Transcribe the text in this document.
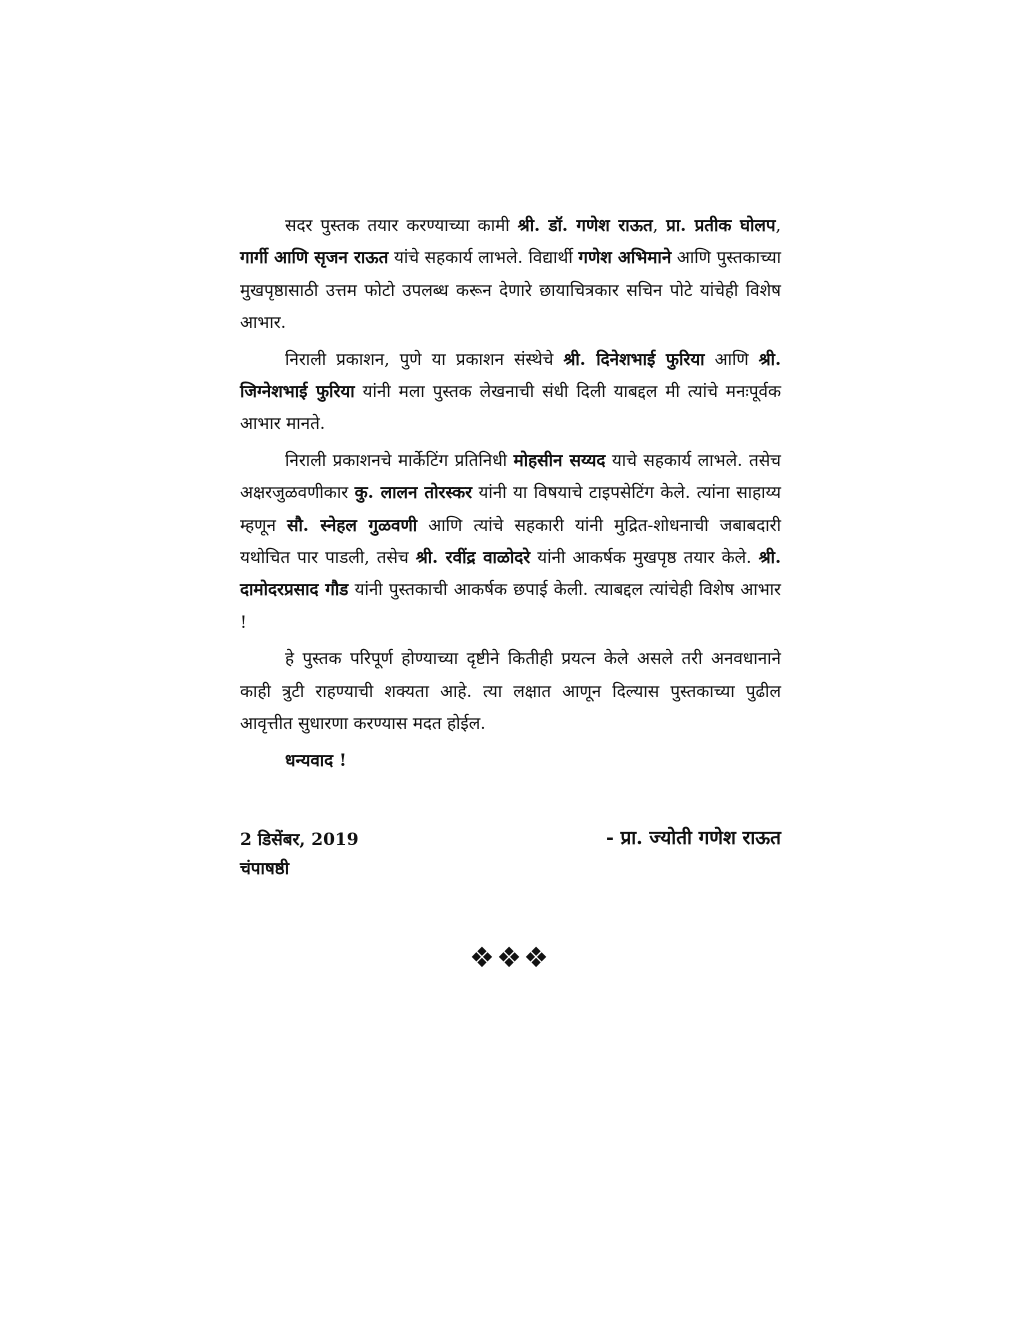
सदर पुस्तक तयार करण्याच्या कामी श्री. डॉ. गणेश राऊत, प्रा. प्रतीक घोलप, गार्गी आणि सृजन राऊत यांचे सहकार्य लाभले. विद्यार्थी गणेश अभिमाने आणि पुस्तकाच्या मुखपृष्ठासाठी उत्तम फोटो उपलब्ध करून देणारे छायाचित्रकार सचिन पोटे यांचेही विशेष आभार.

निराली प्रकाशन, पुणे या प्रकाशन संस्थेचे श्री. दिनेशभाई फुरिया आणि श्री. जिग्नेशभाई फुरिया यांनी मला पुस्तक लेखनाची संधी दिली याबद्दल मी त्यांचे मनःपूर्वक आभार मानते.

निराली प्रकाशनचे मार्केटिंग प्रतिनिधी मोहसीन सय्यद याचे सहकार्य लाभले. तसेच अक्षरजुळवणीकार कु. लालन तोरस्कर यांनी या विषयाचे टाइपसेटिंग केले. त्यांना साहाय्य म्हणून सौ. स्नेहल गुळवणी आणि त्यांचे सहकारी यांनी मुद्रित-शोधनाची जबाबदारी यथोचित पार पाडली, तसेच श्री. रवींद्र वाळोदरे यांनी आकर्षक मुखपृष्ठ तयार केले. श्री. दामोदरप्रसाद गौड यांनी पुस्तकाची आकर्षक छपाई केली. त्याबद्दल त्यांचेही विशेष आभार !

हे पुस्तक परिपूर्ण होण्याच्या दृष्टीने कितीही प्रयत्न केले असले तरी अनवधानाने काही त्रुटी राहण्याची शक्यता आहे. त्या लक्षात आणून दिल्यास पुस्तकाच्या पुढील आवृत्तीत सुधारणा करण्यास मदत होईल.

धन्यवाद !

2 डिसेंबर, 2019
चंपाषष्ठी
- प्रा. ज्योती गणेश राऊत
❖❖❖
